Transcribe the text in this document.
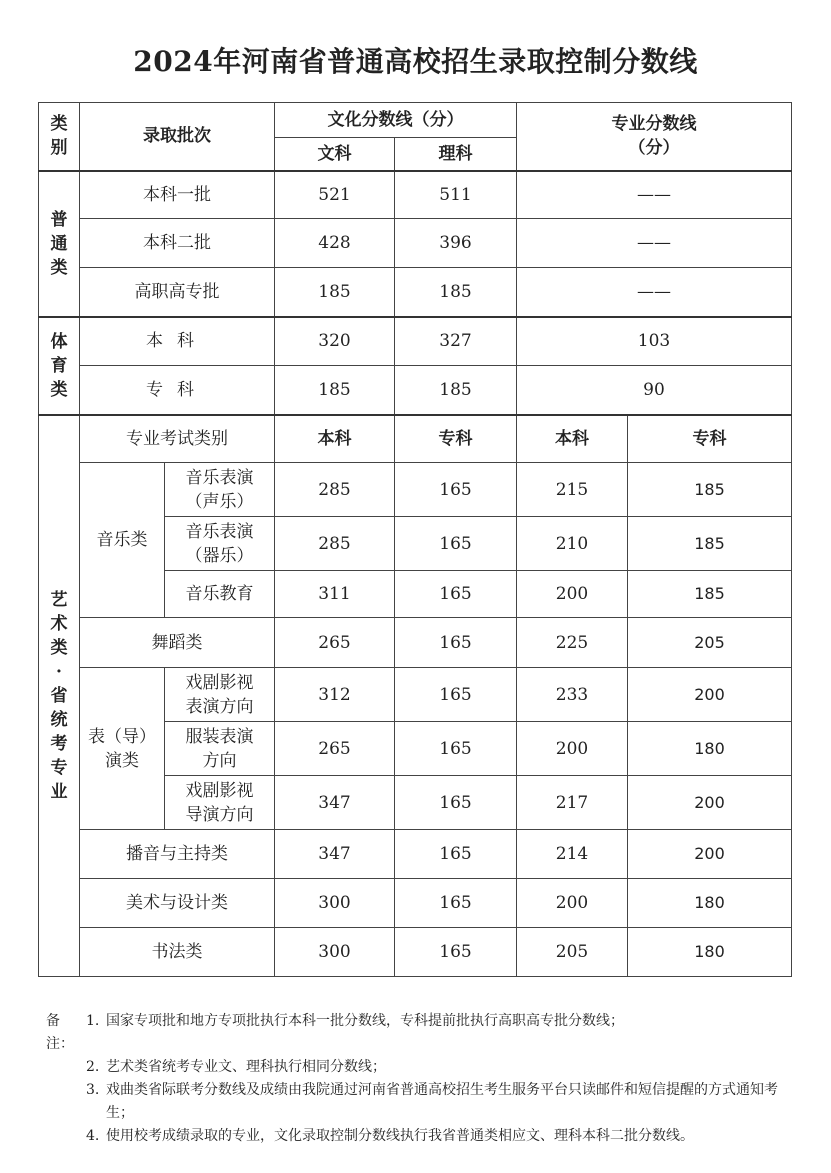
2024年河南省普通高校招生录取控制分数线
类别	录取批次		文化分数线（分）		专业分数线（分）	
			文科	理科		
普通类	本科一批		521	511	——	
	本科二批		428	396	——	
	高职高专批		185	185	——	
体育类	本科		320	327	103	
	专科		185	185	90	
艺术类·省统考专业	专业考试类别		本科	专科	本科	专科
	音乐类	音乐表演（声乐）	285	165	215	185
		音乐表演（器乐）	285	165	210	185
		音乐教育	311	165	200	185
	舞蹈类		265	165	225	205
	表（导）演类	戏剧影视表演方向	312	165	233	200
		服装表演方向	265	165	200	180
		戏剧影视导演方向	347	165	217	200
	播音与主持类		347	165	214	200
	美术与设计类		300	165	200	180
	书法类		300	165	205	180
备注：
1. 国家专项批和地方专项批执行本科一批分数线，专科提前批执行高职高专批分数线；
2. 艺术类省统考专业文、理科执行相同分数线；
3. 戏曲类省际联考分数线及成绩由我院通过河南省普通高校招生考生服务平台只读邮件和短信提醒的方式通知考生；
4. 使用校考成绩录取的专业，文化录取控制分数线执行我省普通类相应文、理科本科二批分数线。
